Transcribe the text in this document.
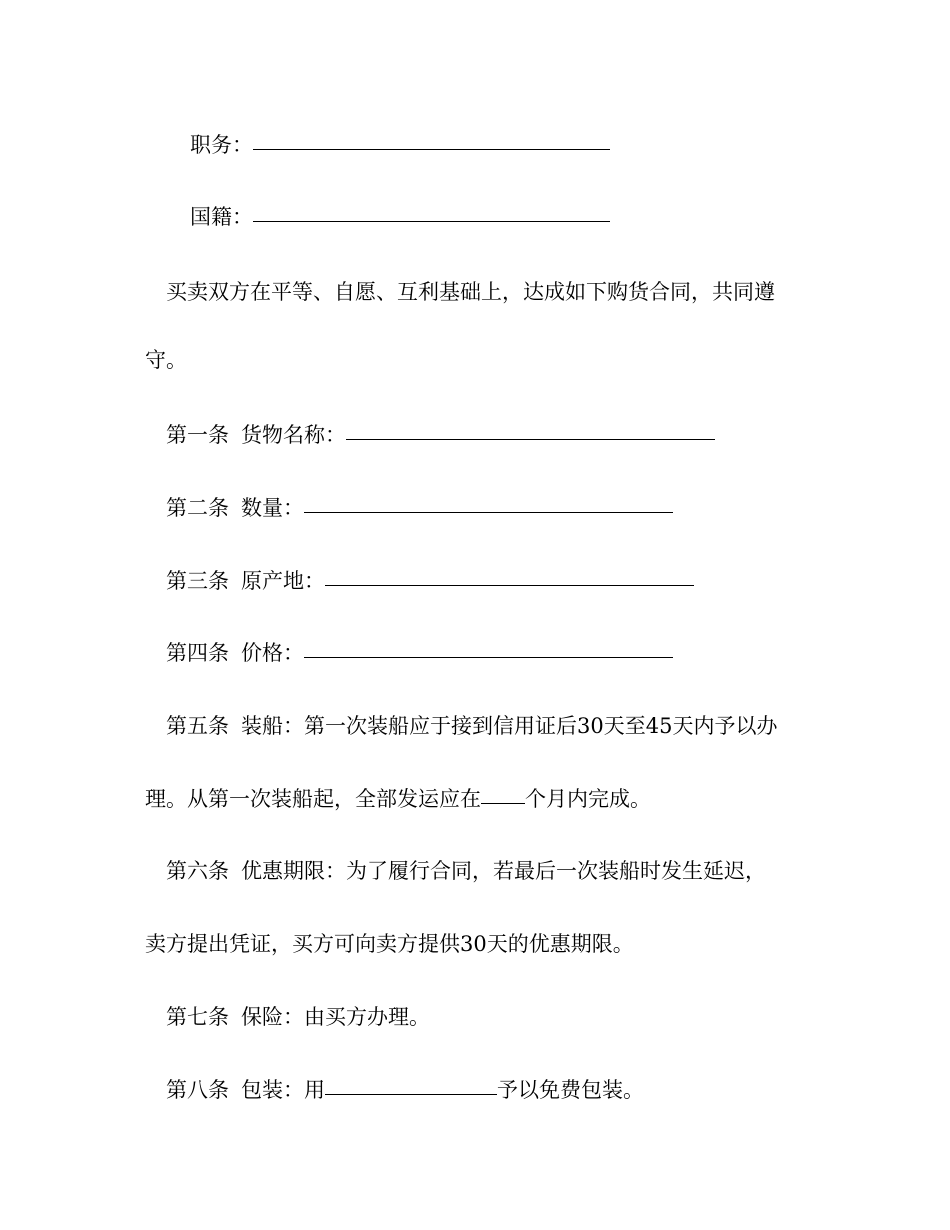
职务：
国籍：
买卖双方在平等、自愿、互利基础上，达成如下购货合同，共同遵
守。
第一条 货物名称：
第二条 数量：
第三条 原产地：
第四条 价格：
第五条 装船：第一次装船应于接到信用证后30天至45天内予以办
理。从第一次装船起，全部发运应在 个月内完成。
第六条 优惠期限：为了履行合同，若最后一次装船时发生延迟，
卖方提出凭证，买方可向卖方提供30天的优惠期限。
第七条 保险：由买方办理。
第八条 包装：用	予以免费包装。
